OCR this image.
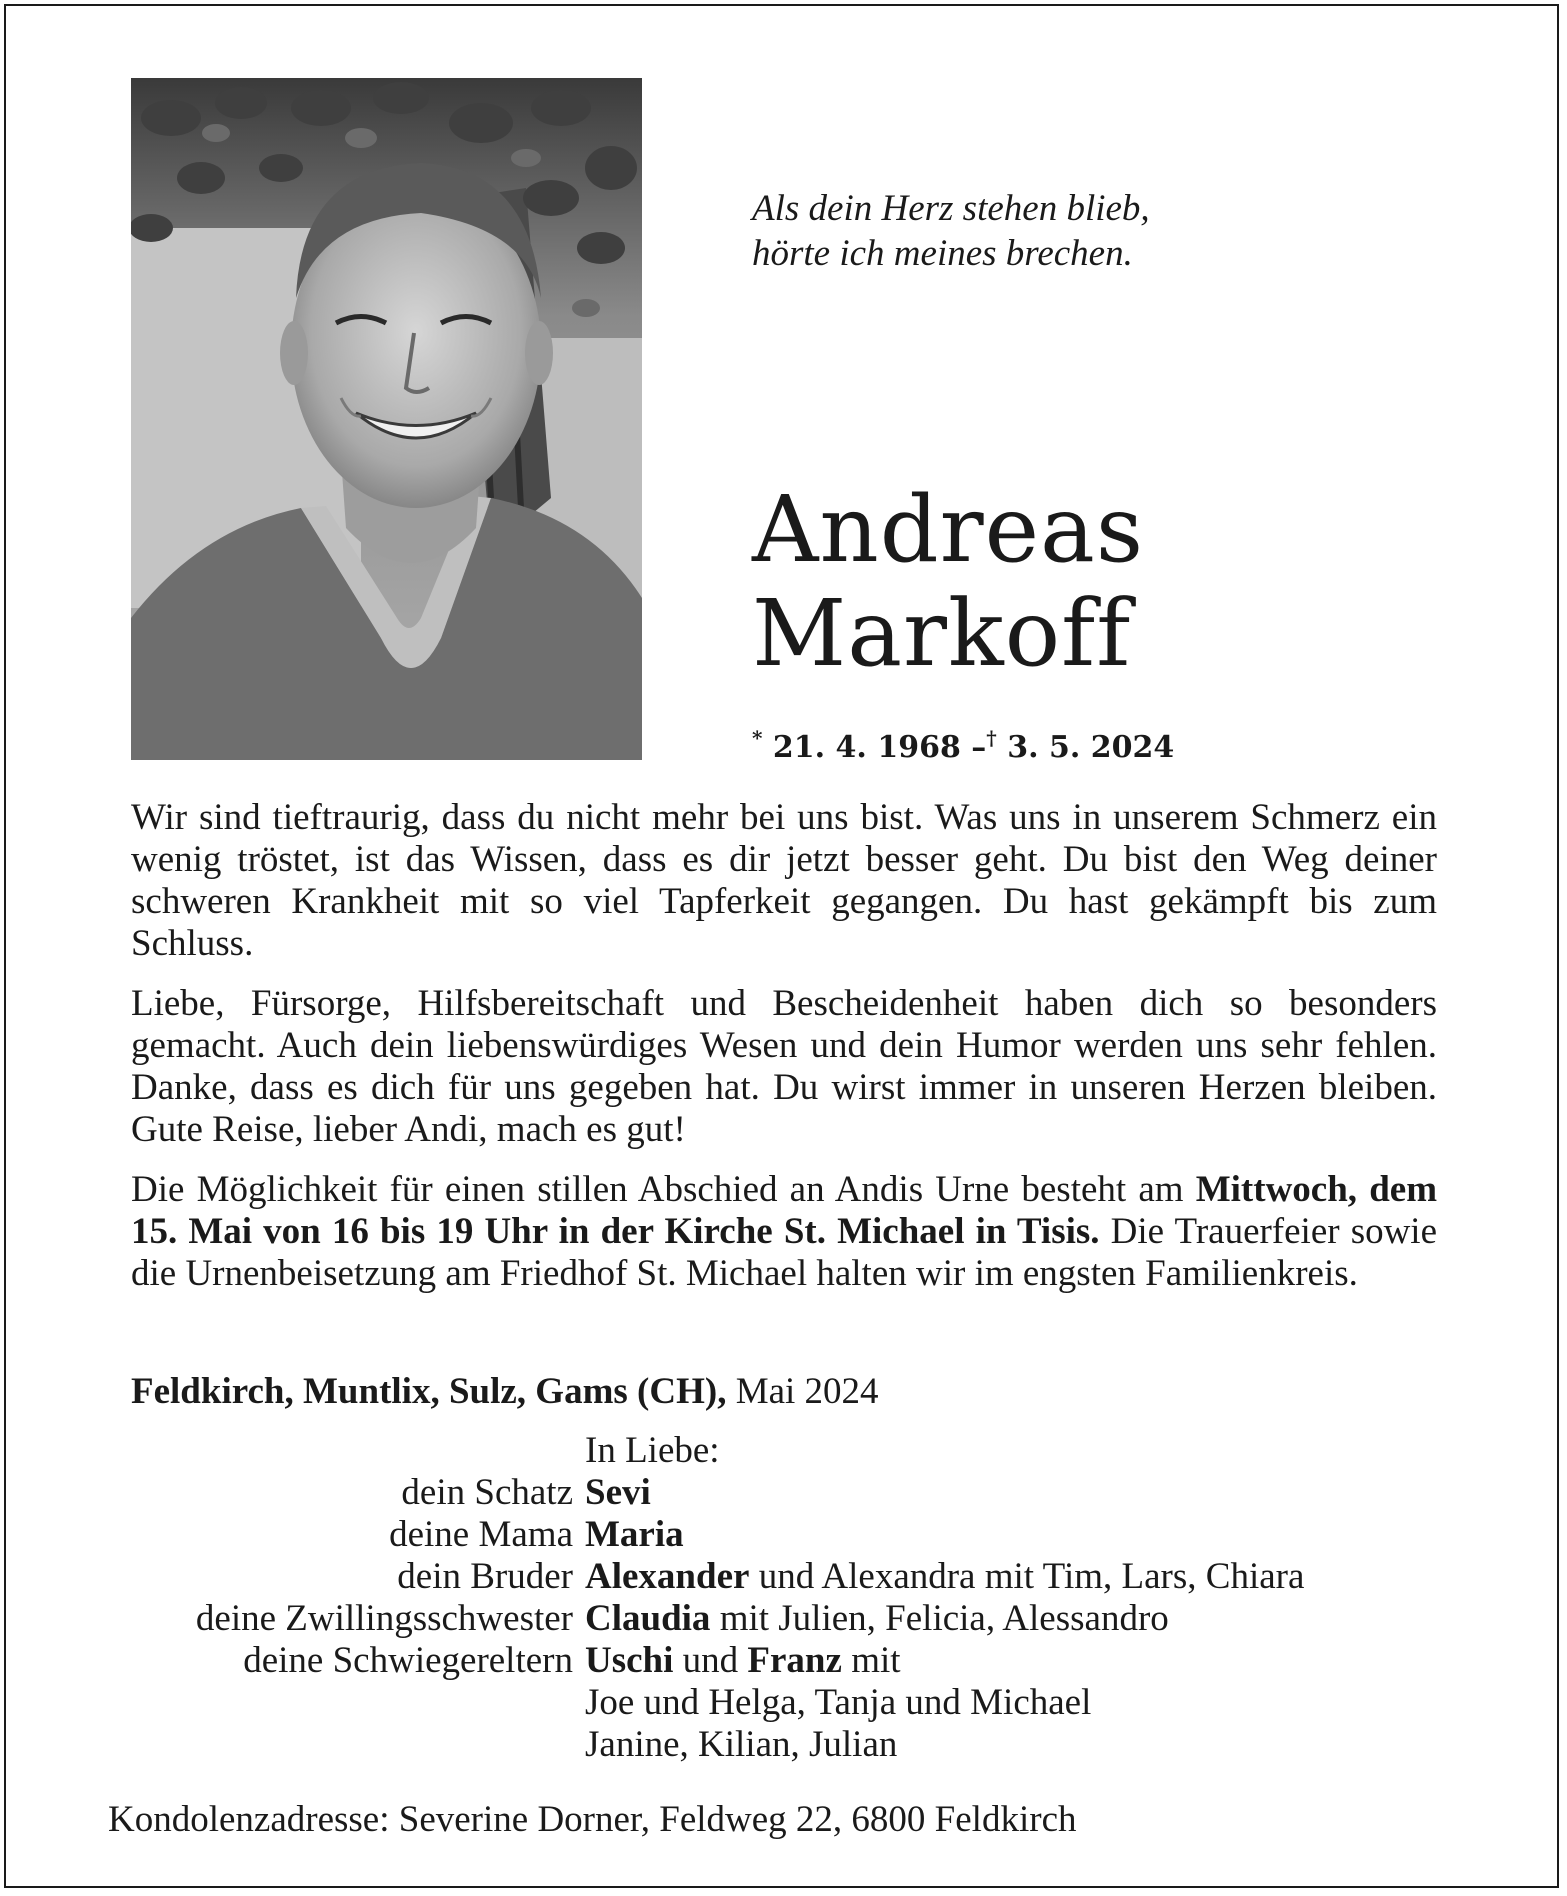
Als dein Herz stehen blieb,
hörte ich meines brechen.
Andreas
Markoff
* 21. 4. 1968 –† 3. 5. 2024

Wir sind tieftraurig, dass du nicht mehr bei uns bist. Was uns in unserem Schmerz ein wenig tröstet, ist das Wissen, dass es dir jetzt besser geht. Du bist den Weg deiner schweren Krankheit mit so viel Tapferkeit gegangen. Du hast gekämpft bis zum Schluss.

Liebe, Fürsorge, Hilfsbereitschaft und Bescheidenheit haben dich so besonders gemacht. Auch dein liebenswürdiges Wesen und dein Humor werden uns sehr fehlen. Danke, dass es dich für uns gegeben hat. Du wirst immer in unseren Herzen bleiben. Gute Reise, lieber Andi, mach es gut!

Die Möglichkeit für einen stillen Abschied an Andis Urne besteht am Mittwoch, dem 15. Mai von 16 bis 19 Uhr in der Kirche St. Michael in Tisis. Die Trauerfeier sowie die Urnenbeisetzung am Friedhof St. Michael halten wir im engsten Familienkreis.

Feldkirch, Muntlix, Sulz, Gams (CH), Mai 2024
In Liebe:
dein Schatz Sevi
deine Mama Maria
dein Bruder Alexander und Alexandra mit Tim, Lars, Chiara
deine Zwillingsschwester Claudia mit Julien, Felicia, Alessandro
deine Schwiegereltern Uschi und Franz mit
Joe und Helga, Tanja und Michael
Janine, Kilian, Julian
Kondolenzadresse: Severine Dorner, Feldweg 22, 6800 Feldkirch
